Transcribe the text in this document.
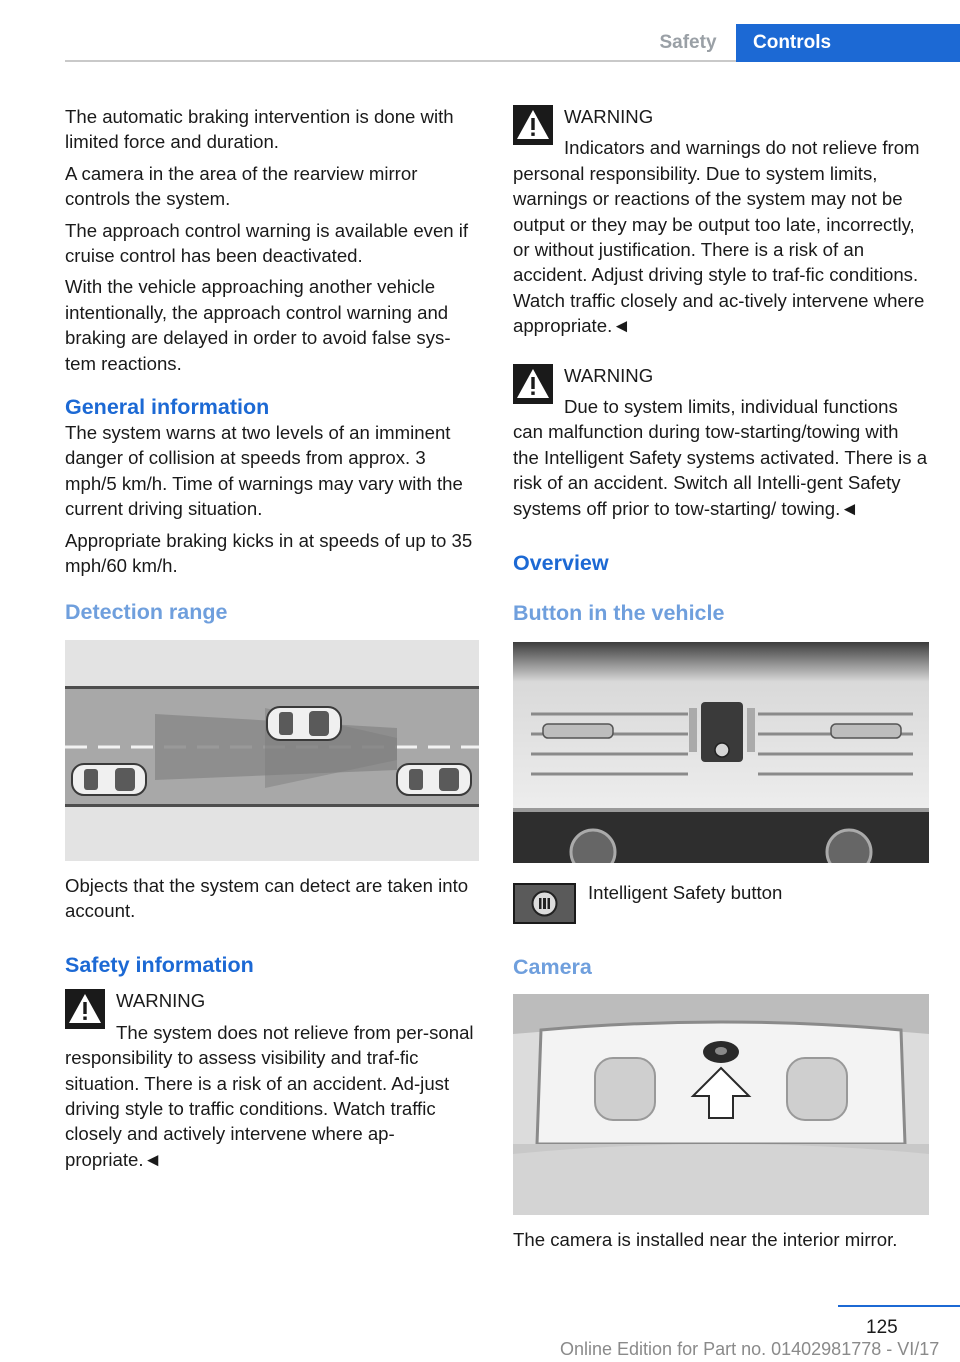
Safety	Controls

The automatic braking intervention is done with limited force and duration.

A camera in the area of the rearview mirror controls the system.

The approach control warning is available even if cruise control has been deactivated.

With the vehicle approaching another vehicle intentionally, the approach control warning and braking are delayed in order to avoid false sys-tem reactions.

General information

The system warns at two levels of an imminent danger of collision at speeds from approx. 3 mph/5 km/h. Time of warnings may vary with the current driving situation.

Appropriate braking kicks in at speeds of up to 35 mph/60 km/h.

Detection range

Objects that the system can detect are taken into account.

Safety information
WARNING
The system does not relieve from per-sonal responsibility to assess visibility and traf-fic situation. There is a risk of an accident. Ad-just driving style to traffic conditions. Watch traffic closely and actively intervene where ap-propriate.◄
WARNING
Indicators and warnings do not relieve from personal responsibility. Due to system limits, warnings or reactions of the system may not be output or they may be output too late, incorrectly, or without justification. There is a risk of an accident. Adjust driving style to traf-fic conditions. Watch traffic closely and ac-tively intervene where appropriate.◄
WARNING
Due to system limits, individual functions can malfunction during tow-starting/towing with the Intelligent Safety systems activated. There is a risk of an accident. Switch all Intelli-gent Safety systems off prior to tow-starting/ towing.◄
Overview
Button in the vehicle
Intelligent Safety button
Camera

The camera is installed near the interior mirror.

125
Online Edition for Part no. 01402981778 - VI/17
